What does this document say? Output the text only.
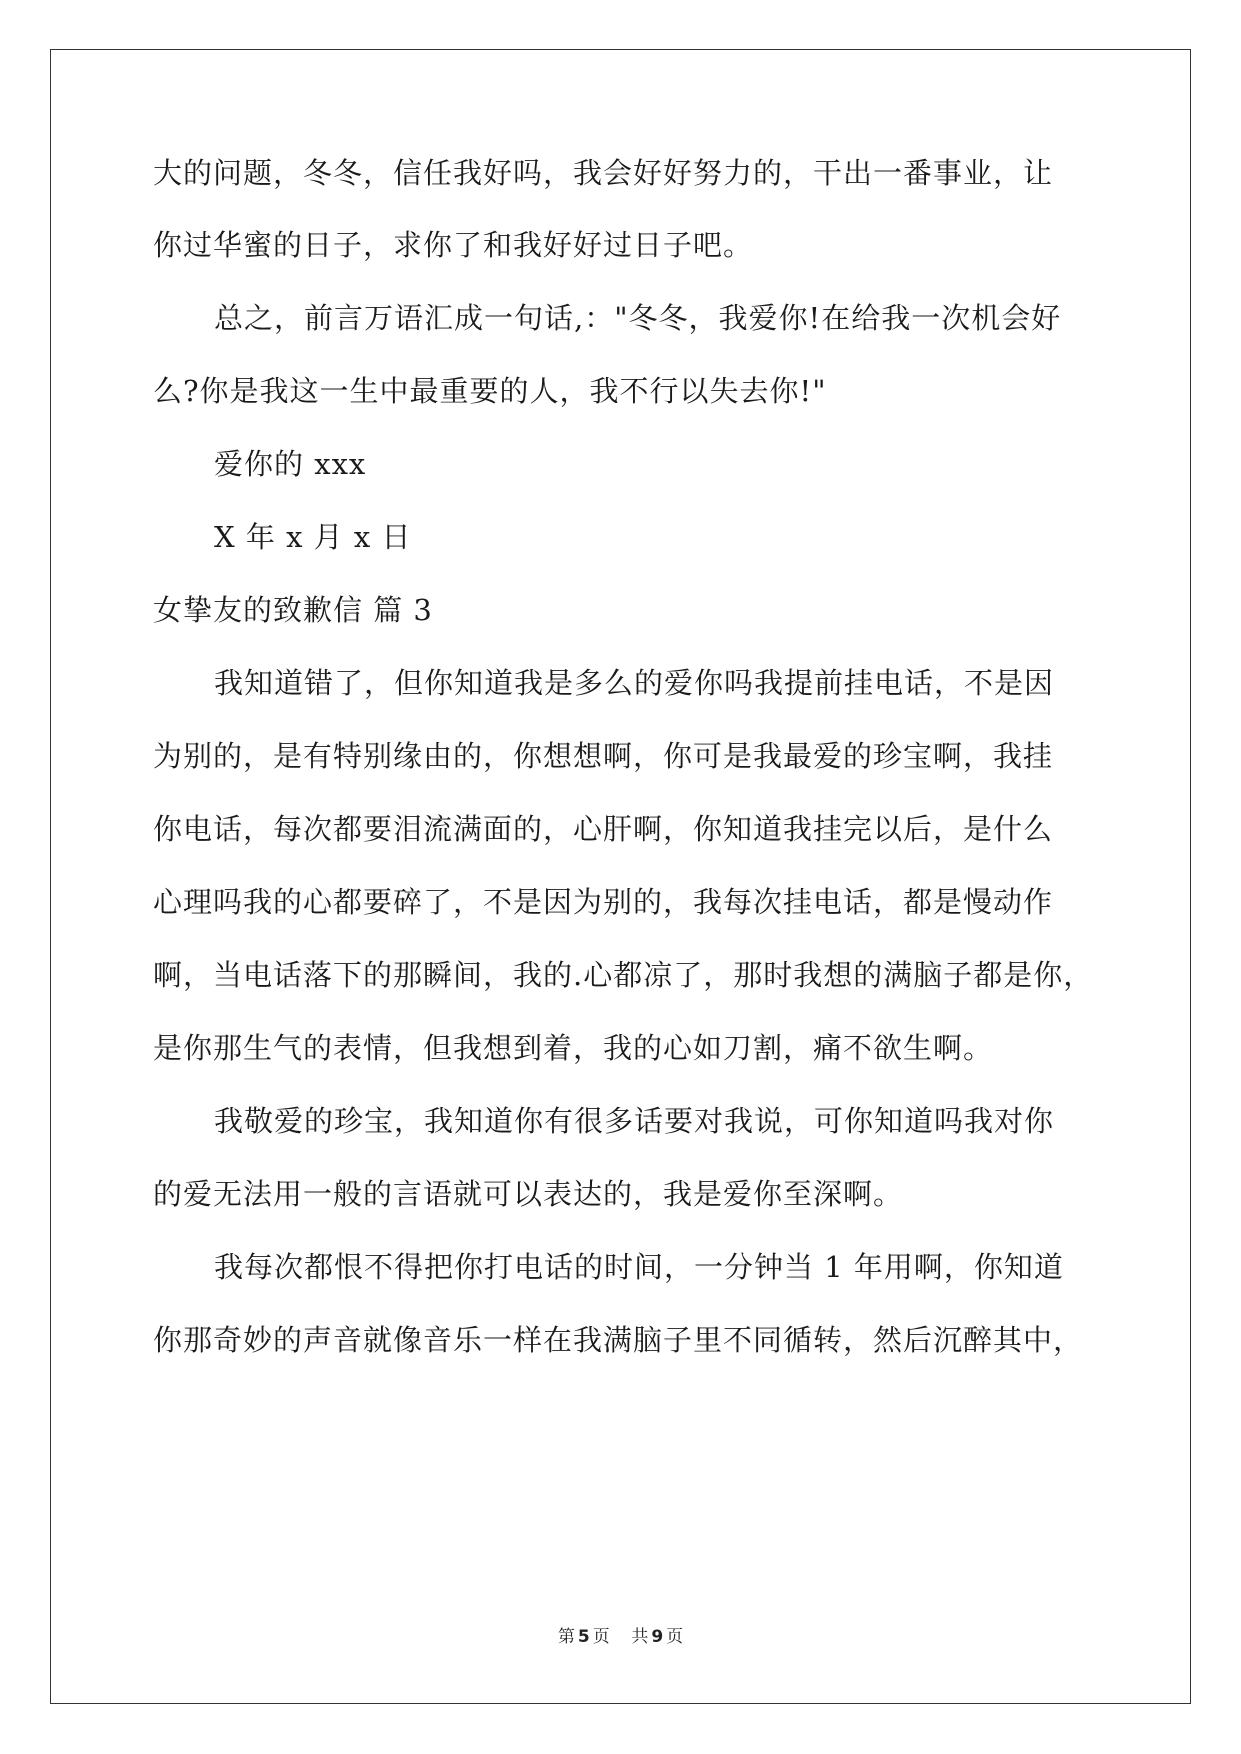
大的问题，冬冬，信任我好吗，我会好好努力的，干出一番事业，让
你过华蜜的日子，求你了和我好好过日子吧。
总之，前言万语汇成一句话,："冬冬，我爱你!在给我一次机会好
么?你是我这一生中最重要的人，我不行以失去你!"
爱你的 xxx
X 年 x 月 x 日
女挚友的致歉信 篇 3
我知道错了，但你知道我是多么的爱你吗我提前挂电话，不是因
为别的，是有特别缘由的，你想想啊，你可是我最爱的珍宝啊，我挂
你电话，每次都要泪流满面的，心肝啊，你知道我挂完以后，是什么
心理吗我的心都要碎了，不是因为别的，我每次挂电话，都是慢动作
啊，当电话落下的那瞬间，我的.心都凉了，那时我想的满脑子都是你，
是你那生气的表情，但我想到着，我的心如刀割，痛不欲生啊。
我敬爱的珍宝，我知道你有很多话要对我说，可你知道吗我对你
的爱无法用一般的言语就可以表达的，我是爱你至深啊。
我每次都恨不得把你打电话的时间，一分钟当 1 年用啊，你知道
你那奇妙的声音就像音乐一样在我满脑子里不同循转，然后沉醉其中，
第 5 页 共 9 页
